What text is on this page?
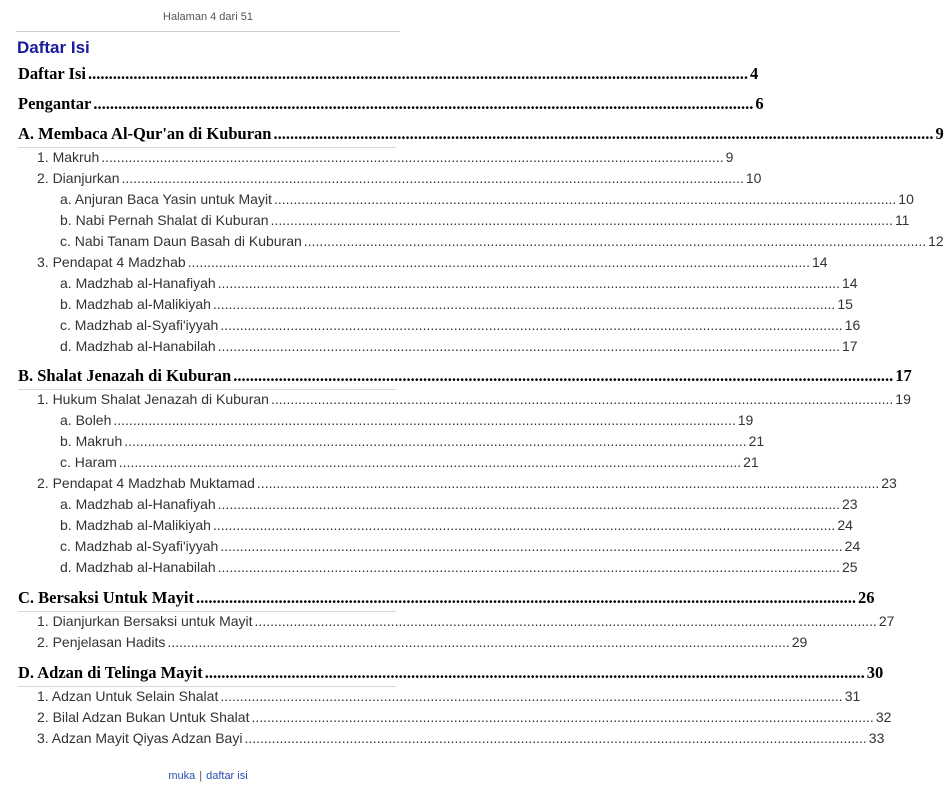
Halaman 4 dari 51
Daftar Isi
Daftar Isi ................................................................................................................................................................ 4
Pengantar ................................................................................................................................................................ 6
A. Membaca Al-Qur'an di Kuburan ................................................................................................................................................................ 9
1. Makruh ................................................................................................................................................................ 9
2. Dianjurkan ................................................................................................................................................................ 10
a. Anjuran Baca Yasin untuk Mayit ................................................................................................................................................................ 10
b. Nabi Pernah Shalat di Kuburan ................................................................................................................................................................ 11
c. Nabi Tanam Daun Basah di Kuburan ................................................................................................................................................................ 12
3. Pendapat 4 Madzhab ................................................................................................................................................................ 14
a. Madzhab al-Hanafiyah ................................................................................................................................................................ 14
b. Madzhab al-Malikiyah ................................................................................................................................................................ 15
c. Madzhab al-Syafi'iyyah ................................................................................................................................................................ 16
d. Madzhab al-Hanabilah ................................................................................................................................................................ 17
B. Shalat Jenazah di Kuburan ................................................................................................................................................................ 17
1. Hukum Shalat Jenazah di Kuburan ................................................................................................................................................................ 19
a. Boleh ................................................................................................................................................................ 19
b. Makruh ................................................................................................................................................................ 21
c. Haram ................................................................................................................................................................ 21
2. Pendapat 4 Madzhab Muktamad ................................................................................................................................................................ 23
a. Madzhab al-Hanafiyah ................................................................................................................................................................ 23
b. Madzhab al-Malikiyah ................................................................................................................................................................ 24
c. Madzhab al-Syafi'iyyah ................................................................................................................................................................ 24
d. Madzhab al-Hanabilah ................................................................................................................................................................ 25
C. Bersaksi Untuk Mayit ................................................................................................................................................................ 26
1. Dianjurkan Bersaksi untuk Mayit ................................................................................................................................................................ 27
2. Penjelasan Hadits ................................................................................................................................................................ 29
D. Adzan di Telinga Mayit ................................................................................................................................................................ 30
1. Adzan Untuk Selain Shalat ................................................................................................................................................................ 31
2. Bilal Adzan Bukan Untuk Shalat ................................................................................................................................................................ 32
3. Adzan Mayit Qiyas Adzan Bayi ................................................................................................................................................................ 33
muka | daftar isi
